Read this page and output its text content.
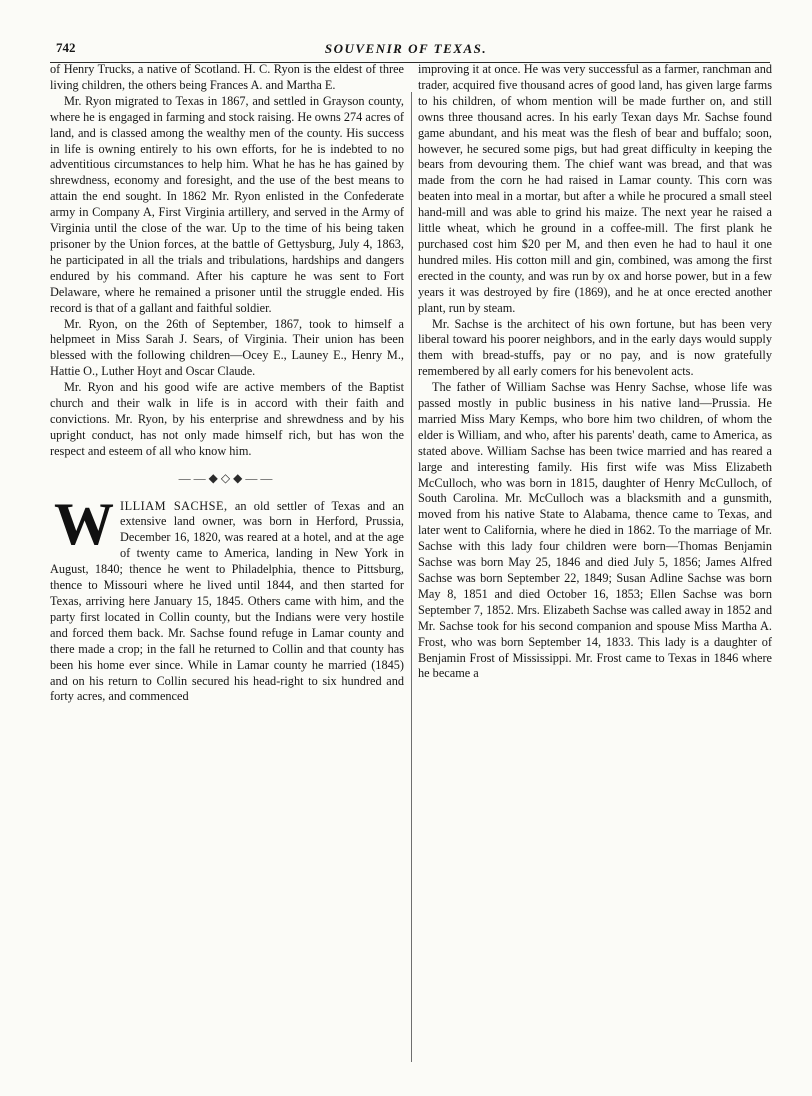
742	SOUVENIR OF TEXAS.

of Henry Trucks, a native of Scotland. H. C. Ryon is the eldest of three living children, the others being Frances A. and Martha E.

Mr. Ryon migrated to Texas in 1867, and settled in Grayson county, where he is engaged in farming and stock raising. He owns 274 acres of land, and is classed among the wealthy men of the county. His success in life is owning entirely to his own efforts, for he is indebted to no adventitious circumstances to help him. What he has he has gained by shrewdness, economy and foresight, and the use of the best means to attain the end sought. In 1862 Mr. Ryon enlisted in the Confederate army in Company A, First Virginia artillery, and served in the Army of Virginia until the close of the war. Up to the time of his being taken prisoner by the Union forces, at the battle of Gettysburg, July 4, 1863, he participated in all the trials and tribulations, hardships and dangers endured by his command. After his capture he was sent to Fort Delaware, where he remained a prisoner until the struggle ended. His record is that of a gallant and faithful soldier.

Mr. Ryon, on the 26th of September, 1867, took to himself a helpmeet in Miss Sarah J. Sears, of Virginia. Their union has been blessed with the following children—Ocey E., Launey E., Henry M., Hattie O., Luther Hoyt and Oscar Claude.

Mr. Ryon and his good wife are active members of the Baptist church and their walk in life is in accord with their faith and convictions. Mr. Ryon, by his enterprise and shrewdness and by his upright conduct, has not only made himself rich, but has won the respect and esteem of all who know him.

——◆◇◆——

WILLIAM SACHSE, an old settler of Texas and an extensive land owner, was born in Herford, Prussia, December 16, 1820, was reared at a hotel, and at the age of twenty came to America, landing in New York in August, 1840; thence he went to Philadelphia, thence to Pittsburg, thence to Missouri where he lived until 1844, and then started for Texas, arriving here January 15, 1845. Others came with him, and the party first located in Collin county, but the Indians were very hostile and forced them back. Mr. Sachse found refuge in Lamar county and there made a crop; in the fall he returned to Collin and that county has been his home ever since. While in Lamar county he married (1845) and on his return to Collin secured his head-right to six hundred and forty acres, and commenced

improving it at once. He was very successful as a farmer, ranchman and trader, acquired five thousand acres of good land, has given large farms to his children, of whom mention will be made further on, and still owns three thousand acres. In his early Texan days Mr. Sachse found game abundant, and his meat was the flesh of bear and buffalo; soon, however, he secured some pigs, but had great difficulty in keeping the bears from devouring them. The chief want was bread, and that was made from the corn he had raised in Lamar county. This corn was beaten into meal in a mortar, but after a while he procured a small steel hand-mill and was able to grind his maize. The next year he raised a little wheat, which he ground in a coffee-mill. The first plank he purchased cost him $20 per M, and then even he had to haul it one hundred miles. His cotton mill and gin, combined, was among the first erected in the county, and was run by ox and horse power, but in a few years it was destroyed by fire (1869), and he at once erected another plant, run by steam.

Mr. Sachse is the architect of his own fortune, but has been very liberal toward his poorer neighbors, and in the early days would supply them with bread-stuffs, pay or no pay, and is now gratefully remembered by all early comers for his benevolent acts.

The father of William Sachse was Henry Sachse, whose life was passed mostly in public business in his native land—Prussia. He married Miss Mary Kemps, who bore him two children, of whom the elder is William, and who, after his parents' death, came to America, as stated above. William Sachse has been twice married and has reared a large and interesting family. His first wife was Miss Elizabeth McCulloch, who was born in 1815, daughter of Henry McCulloch, of South Carolina. Mr. McCulloch was a blacksmith and a gunsmith, moved from his native State to Alabama, thence came to Texas, and later went to California, where he died in 1862. To the marriage of Mr. Sachse with this lady four children were born—Thomas Benjamin Sachse was born May 25, 1846 and died July 5, 1856; James Alfred Sachse was born September 22, 1849; Susan Adline Sachse was born May 8, 1851 and died October 16, 1853; Ellen Sachse was born September 7, 1852. Mrs. Elizabeth Sachse was called away in 1852 and Mr. Sachse took for his second companion and spouse Miss Martha A. Frost, who was born September 14, 1833. This lady is a daughter of Benjamin Frost of Mississippi. Mr. Frost came to Texas in 1846 where he became a
